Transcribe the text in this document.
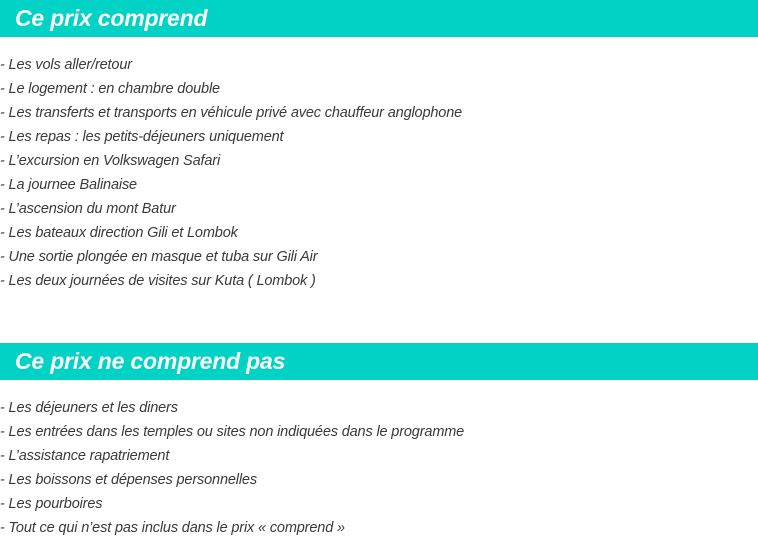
Ce prix comprend
- Les vols aller/retour
- Le logement : en chambre double
- Les transferts et transports en véhicule privé avec chauffeur anglophone
- Les repas : les petits-déjeuners uniquement
- L’excursion en Volkswagen Safari
- La journee Balinaise
- L’ascension du mont Batur
- Les bateaux direction Gili et Lombok
- Une sortie plongée en masque et tuba sur Gili Air
- Les deux journées de visites sur Kuta ( Lombok )
Ce prix ne comprend pas
- Les déjeuners et les diners
- Les entrées dans les temples ou sites non indiquées dans le programme
- L’assistance rapatriement
- Les boissons et dépenses personnelles
- Les pourboires
- Tout ce qui n’est pas inclus dans le prix « comprend »
